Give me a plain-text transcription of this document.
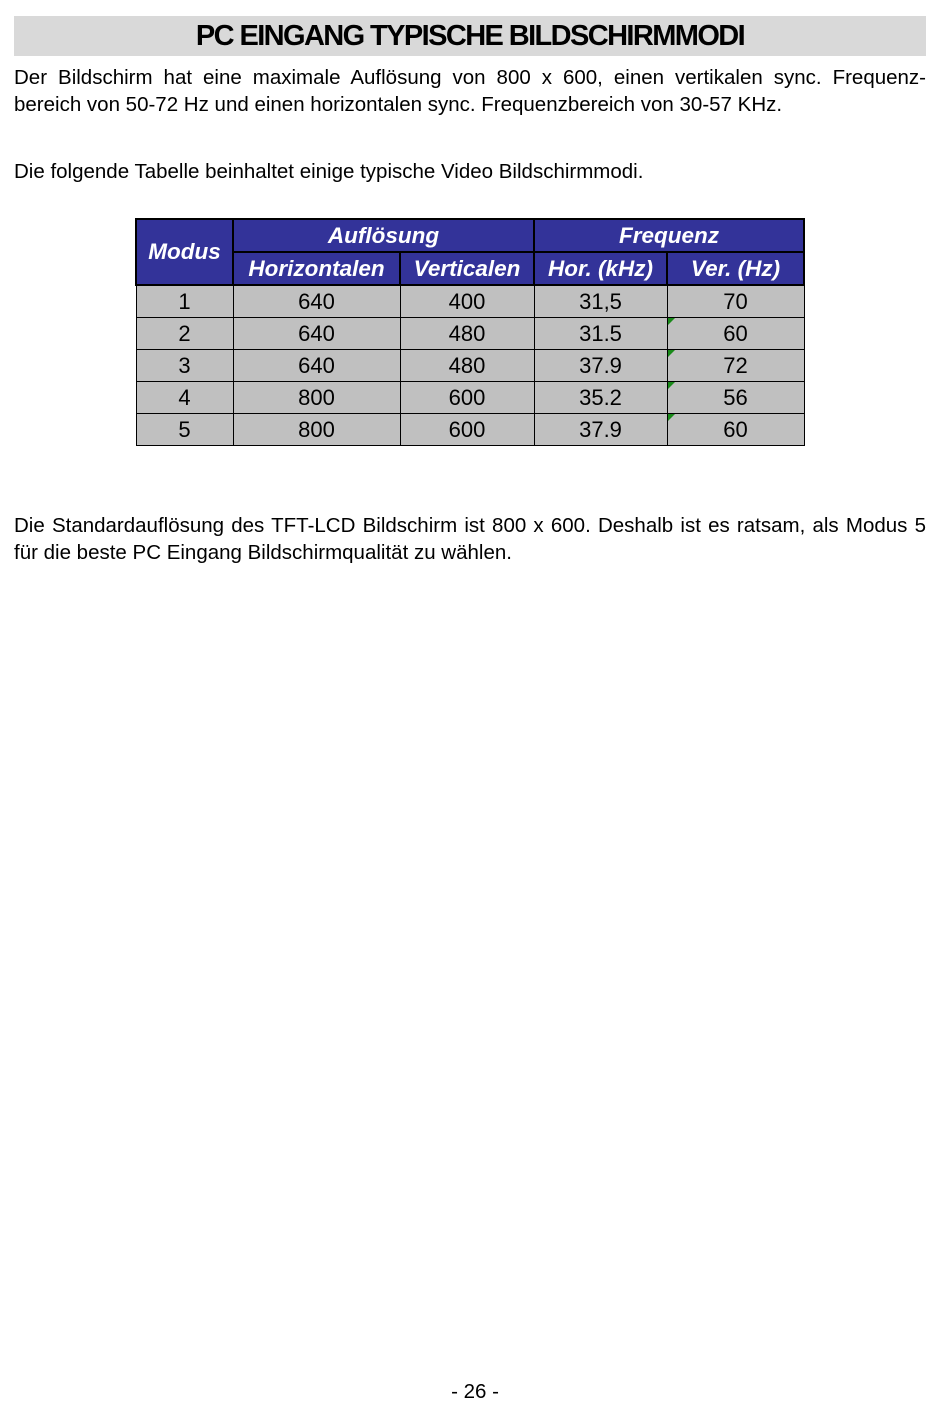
PC EINGANG TYPISCHE BILDSCHIRMMODI

Der Bildschirm hat eine maximale Auflösung von 800 x 600, einen vertikalen sync. Frequenz- bereich von 50-72 Hz und einen horizontalen sync. Frequenzbereich von 30-57 KHz.

Die folgende Tabelle beinhaltet einige typische Video Bildschirmmodi.

Modus	Auflösung		Frequenz	
	Horizontalen	Verticalen	Hor. (kHz)	Ver. (Hz)
1	640	400	31,5	70
2	640	480	31.5	60
3	640	480	37.9	72
4	800	600	35.2	56
5	800	600	37.9	60

Die Standardauflösung des TFT-LCD Bildschirm ist 800 x 600. Deshalb ist es ratsam, als Modus 5 für die beste PC Eingang Bildschirmqualität zu wählen.

- 26 -
